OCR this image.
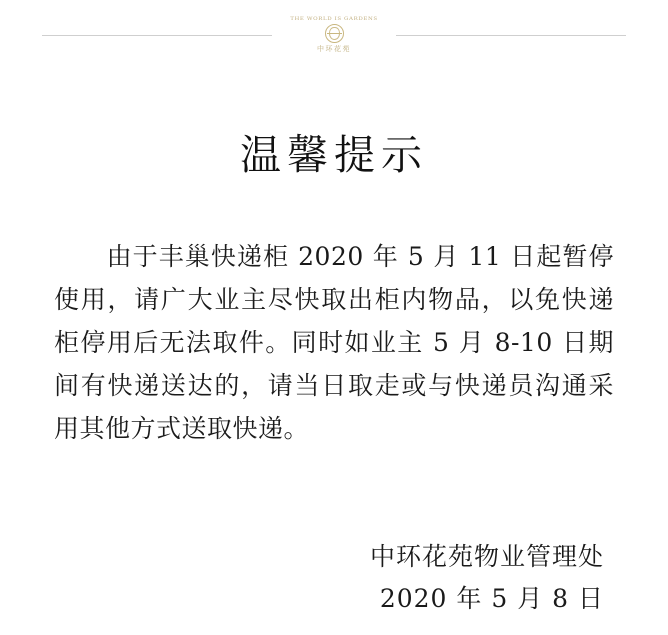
THE WORLD IS GARDENS
中环花苑
温馨提示

由于丰巢快递柜 2020 年 5 月 11 日起暂停使用，请广大业主尽快取出柜内物品，以免快递柜停用后无法取件。同时如业主 5 月 8-10 日期间有快递送达的，请当日取走或与快递员沟通采用其他方式送取快递。

中环花苑物业管理处
2020 年 5 月 8 日
